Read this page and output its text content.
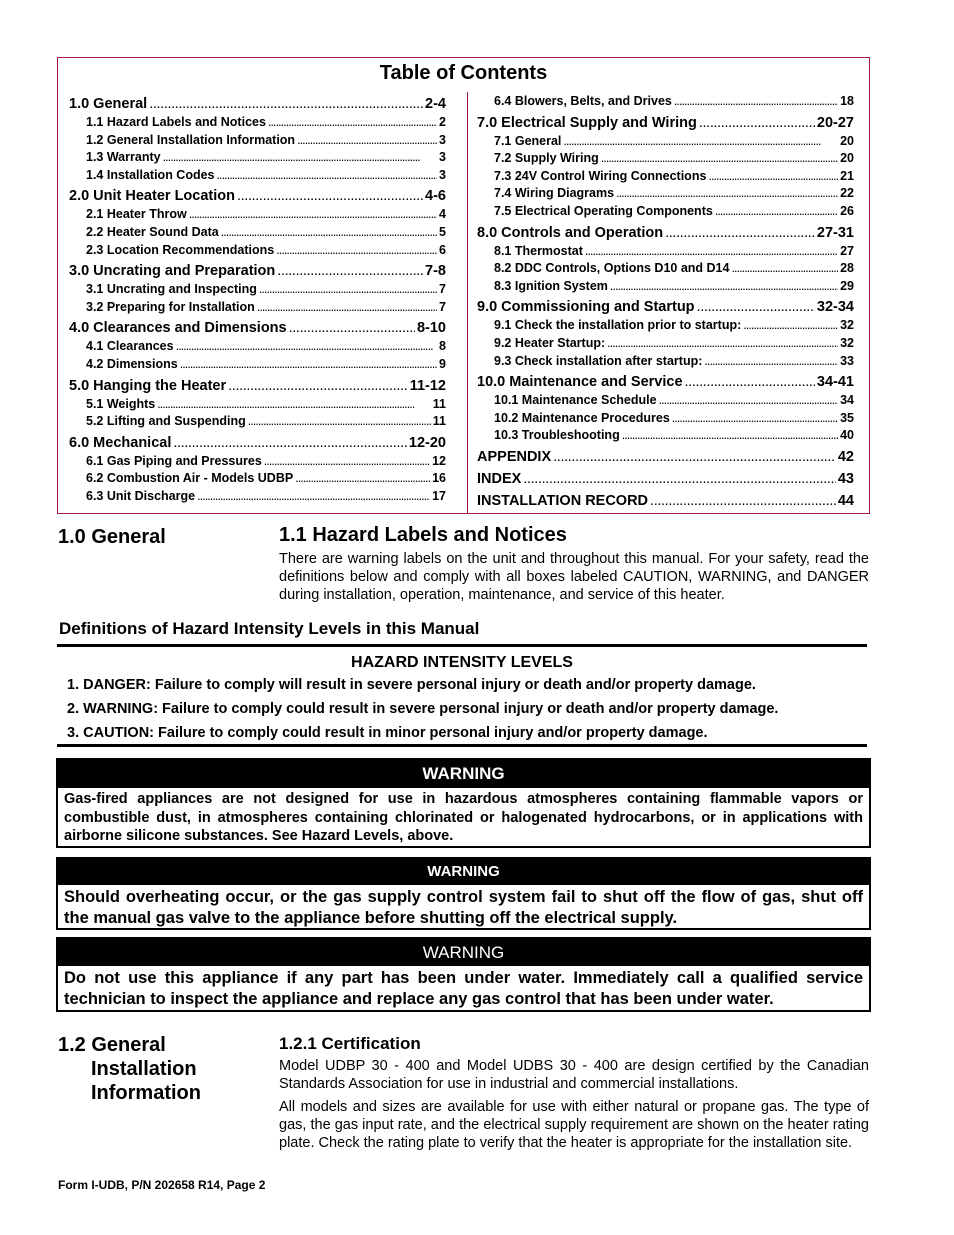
Table of Contents
1.0 General . . .	2-4
1.1 Hazard Labels and Notices . . .	2
1.2 General Installation Information . . .	3
1.3 Warranty . . .	3
1.4 Installation Codes . . .	3
2.0 Unit Heater Location . . .	4-6
2.1 Heater Throw . . .	4
2.2 Heater Sound Data . . .	5
2.3 Location Recommendations . . .	6
3.0 Uncrating and Preparation . . .	7-8
3.1 Uncrating and Inspecting . . .	7
3.2 Preparing for Installation . . .	7
4.0 Clearances and Dimensions . . .	8-10
4.1 Clearances . . .	8
4.2 Dimensions . . .	9
5.0 Hanging the Heater . . .	11-12
5.1 Weights . . .	11
5.2 Lifting and Suspending . . .	11
6.0 Mechanical . . .	12-20
6.1 Gas Piping and Pressures . . .	12
6.2 Combustion Air - Models UDBP . . .	16
6.3 Unit Discharge . . .	17
6.4 Blowers, Belts, and Drives . . .	18
7.0 Electrical Supply and Wiring . . .	20-27
7.1 General . . .	20
7.2 Supply Wiring . . .	20
7.3 24V Control Wiring Connections . . .	21
7.4 Wiring Diagrams . . .	22
7.5 Electrical Operating Components . . .	26
8.0 Controls and Operation . . .	27-31
8.1 Thermostat . . .	27
8.2 DDC Controls, Options D10 and D14 . . .	28
8.3 Ignition System . . .	29
9.0 Commissioning and Startup . . .	32-34
9.1 Check the installation prior to startup: . . .	32
9.2 Heater Startup: . . .	32
9.3 Check installation after startup: . . .	33
10.0 Maintenance and Service . . .	34-41
10.1 Maintenance Schedule . . .	34
10.2 Maintenance Procedures . . .	35
10.3 Troubleshooting . . .	40
APPENDIX . . .	42
INDEX . . .	43
INSTALLATION RECORD . . .	44
1.0 General	1.1 Hazard Labels and Notices
There are warning labels on the unit and throughout this manual. For your safety, read the definitions below and comply with all boxes labeled CAUTION, WARNING, and DANGER during installation, operation, maintenance, and service of this heater.
Definitions of Hazard Intensity Levels in this Manual
HAZARD INTENSITY LEVELS
1. DANGER: Failure to comply will result in severe personal injury or death and/or property damage.
2. WARNING: Failure to comply could result in severe personal injury or death and/or property damage.
3. CAUTION: Failure to comply could result in minor personal injury and/or property damage.
WARNING
Gas-fired appliances are not designed for use in hazardous atmospheres containing flammable vapors or combustible dust, in atmospheres containing chlorinated or halogenated hydrocarbons, or in applications with airborne silicone substances. See Hazard Levels, above.
WARNING
Should overheating occur, or the gas supply control system fail to shut off the flow of gas, shut off the manual gas valve to the appliance before shutting off the electrical supply.
WARNING
Do not use this appliance if any part has been under water. Immediately call a qualified service technician to inspect the appliance and replace any gas control that has been under water.
1.2 General
Installation
Information
1.2.1 Certification
Model UDBP 30 - 400 and Model UDBS 30 - 400 are design certified by the Canadian Standards Association for use in industrial and commercial installations.
All models and sizes are available for use with either natural or propane gas. The type of gas, the gas input rate, and the electrical supply requirement are shown on the heater rating plate. Check the rating plate to verify that the heater is appropriate for the installation site.
Form I-UDB, P/N 202658 R14, Page 2
